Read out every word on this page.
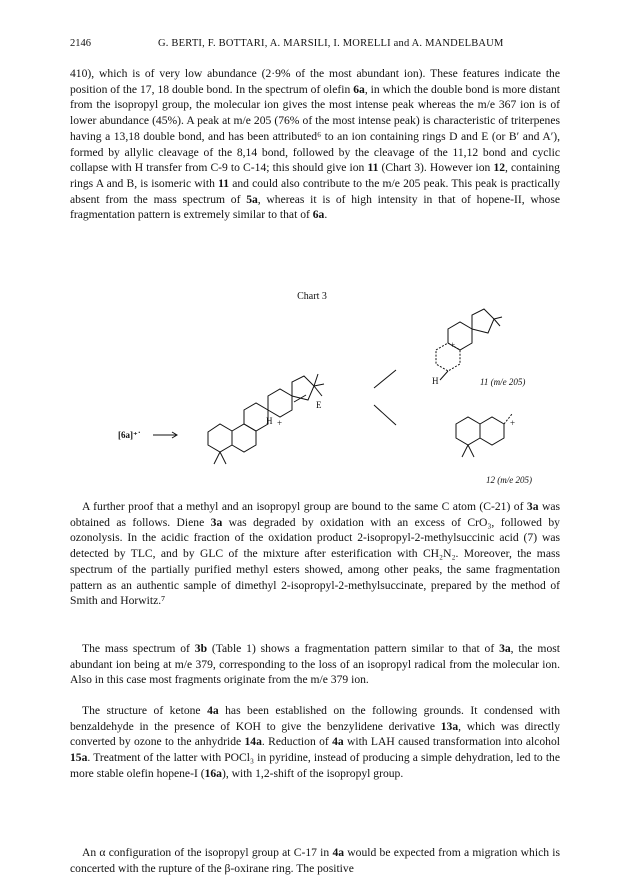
2146	G. BERTI, F. BOTTARI, A. MARSILI, I. MORELLI and A. MANDELBAUM

410), which is of very low abundance (2·9% of the most abundant ion). These features indicate the position of the 17, 18 double bond. In the spectrum of olefin 6a, in which the double bond is more distant from the isopropyl group, the molecular ion gives the most intense peak whereas the m/e 367 ion is of lower abundance (45%). A peak at m/e 205 (76% of the most intense peak) is characteristic of triterpenes having a 13,18 double bond, and has been attributed⁶ to an ion containing rings D and E (or B′ and A′), formed by allylic cleavage of the 8,14 bond, followed by the cleavage of the 11,12 bond and cyclic collapse with H transfer from C-9 to C-14; this should give ion 11 (Chart 3). However ion 12, containing rings A and B, is isomeric with 11 and could also contribute to the m/e 205 peak. This peak is practically absent from the mass spectrum of 5a, whereas it is of high intensity in that of hopene-II, whose fragmentation pattern is extremely similar to that of 6a.

Chart 3
[6a]⁺˙
H +
E
+
H	11 (m/e 205)
+
12 (m/e 205)

A further proof that a methyl and an isopropyl group are bound to the same C atom (C-21) of 3a was obtained as follows. Diene 3a was degraded by oxidation with an excess of CrO₃, followed by ozonolysis. In the acidic fraction of the oxidation product 2-isopropyl-2-methylsuccinic acid (7) was detected by TLC, and by GLC of the mixture after esterification with CH₂N₂. Moreover, the mass spectrum of the partially purified methyl esters showed, among other peaks, the same fragmentation pattern as an authentic sample of dimethyl 2-isopropyl-2-methylsuccinate, prepared by the method of Smith and Horwitz.⁷

The mass spectrum of 3b (Table 1) shows a fragmentation pattern similar to that of 3a, the most abundant ion being at m/e 379, corresponding to the loss of an isopropyl radical from the molecular ion. Also in this case most fragments originate from the m/e 379 ion.

The structure of ketone 4a has been established on the following grounds. It condensed with benzaldehyde in the presence of KOH to give the benzylidene derivative 13a, which was directly converted by ozone to the anhydride 14a. Reduction of 4a with LAH caused transformation into alcohol 15a. Treatment of the latter with POCl₃ in pyridine, instead of producing a simple dehydration, led to the more stable olefin hopene-I (16a), with 1,2-shift of the isopropyl group.

An α configuration of the isopropyl group at C-17 in 4a would be expected from a migration which is concerted with the rupture of the β-oxirane ring. The positive
